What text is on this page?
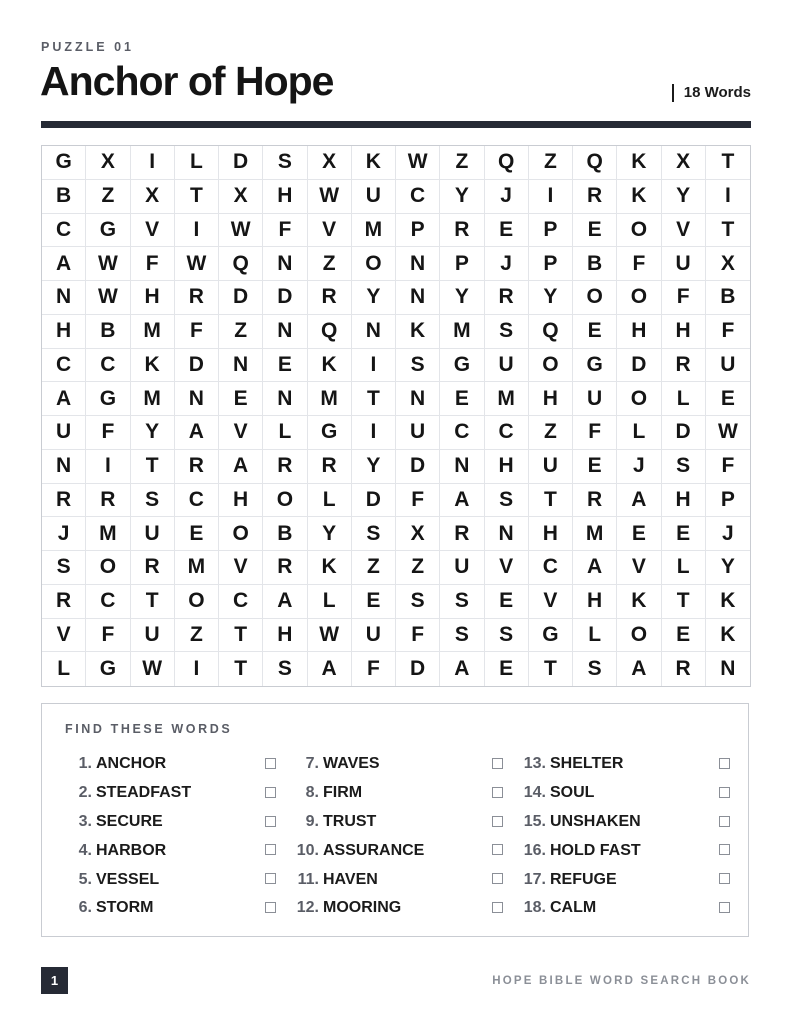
PUZZLE 01
Anchor of Hope	18 Words
G	X	I	L	D	S	X	K	W	Z	Q	Z	Q	K	X	T
B	Z	X	T	X	H	W	U	C	Y	J	I	R	K	Y	I
C	G	V	I	W	F	V	M	P	R	E	P	E	O	V	T
A	W	F	W	Q	N	Z	O	N	P	J	P	B	F	U	X
N	W	H	R	D	D	R	Y	N	Y	R	Y	O	O	F	B
H	B	M	F	Z	N	Q	N	K	M	S	Q	E	H	H	F
C	C	K	D	N	E	K	I	S	G	U	O	G	D	R	U
A	G	M	N	E	N	M	T	N	E	M	H	U	O	L	E
U	F	Y	A	V	L	G	I	U	C	C	Z	F	L	D	W
N	I	T	R	A	R	R	Y	D	N	H	U	E	J	S	F
R	R	S	C	H	O	L	D	F	A	S	T	R	A	H	P
J	M	U	E	O	B	Y	S	X	R	N	H	M	E	E	J
S	O	R	M	V	R	K	Z	Z	U	V	C	A	V	L	Y
R	C	T	O	C	A	L	E	S	S	E	V	H	K	T	K
V	F	U	Z	T	H	W	U	F	S	S	G	L	O	E	K
L	G	W	I	T	S	A	F	D	A	E	T	S	A	R	N
FIND THESE WORDS
1. ANCHOR
2. STEADFAST
3. SECURE
4. HARBOR
5. VESSEL
6. STORM
7. WAVES
8. FIRM
9. TRUST
10. ASSURANCE
11. HAVEN
12. MOORING
13. SHELTER
14. SOUL
15. UNSHAKEN
16. HOLD FAST
17. REFUGE
18. CALM
1	HOPE BIBLE WORD SEARCH BOOK
